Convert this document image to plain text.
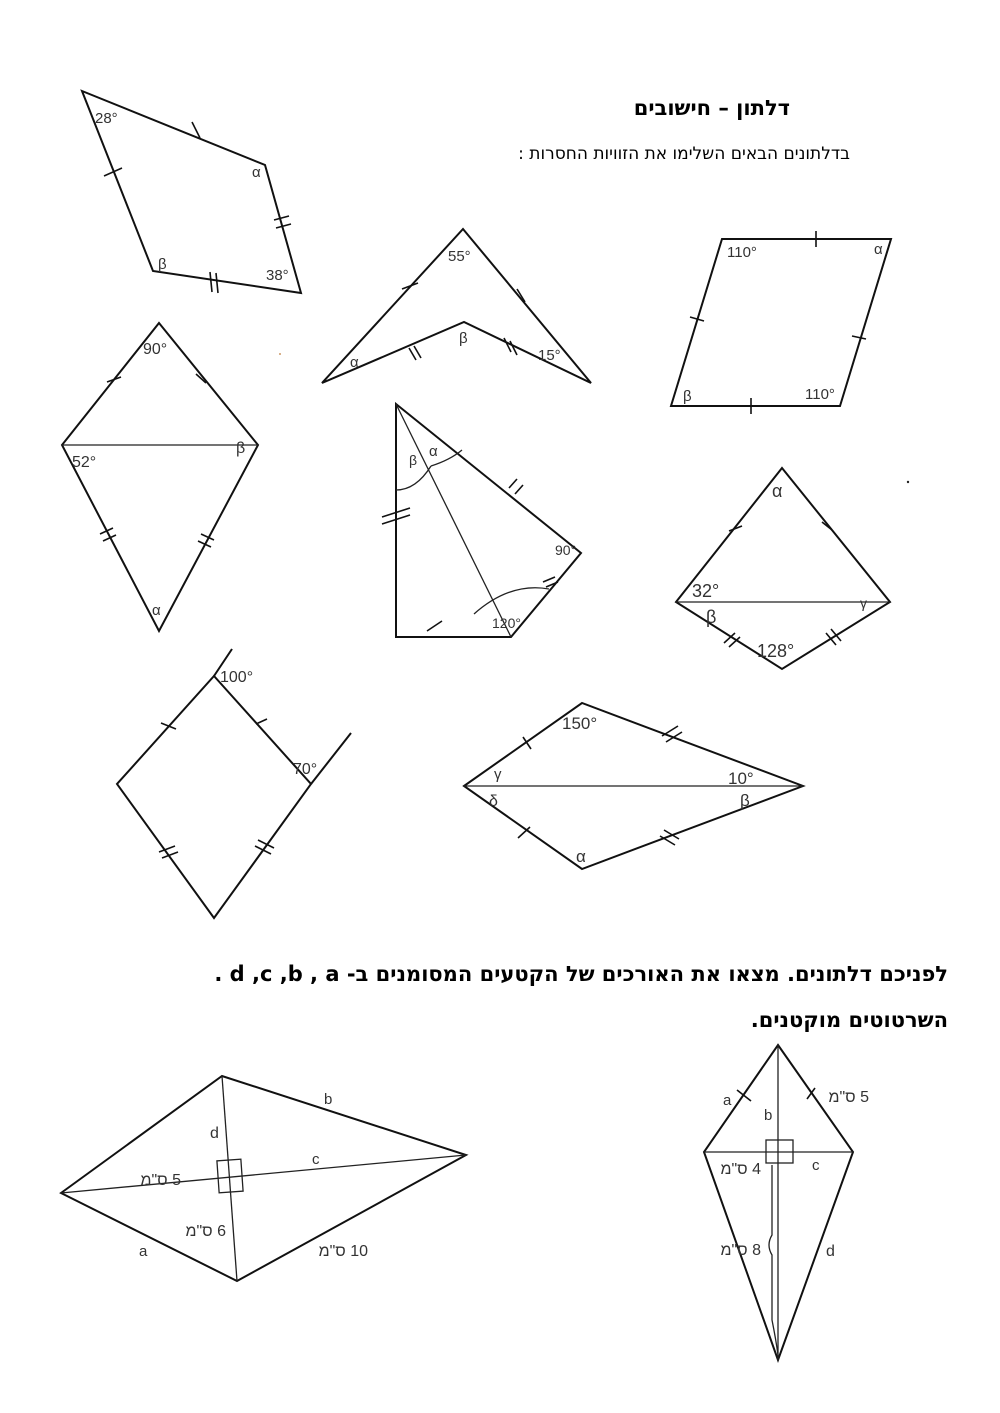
דלתון – חישובים
בדלתונים הבאים השלימו את הזוויות החסרות :
לפניכם דלתונים. מצאו את האורכים של הקטעים המסומנים ב- d ,c ,b , a .
השרטוטים מוקטנים.
28°
α
β
38°
55°
α
β
15°
110°	α
β	110°
90°
β
52°
α
β α
90°
120°
α
32°
γ
β
128°
100°
70°
150°
γ	10°
δ	β
α
d
b
c
5 ס"מ
6 ס"מ
10 ס"מ
a
a	5 ס"מ
b
4 ס"מ	c
8 ס"מ	d
